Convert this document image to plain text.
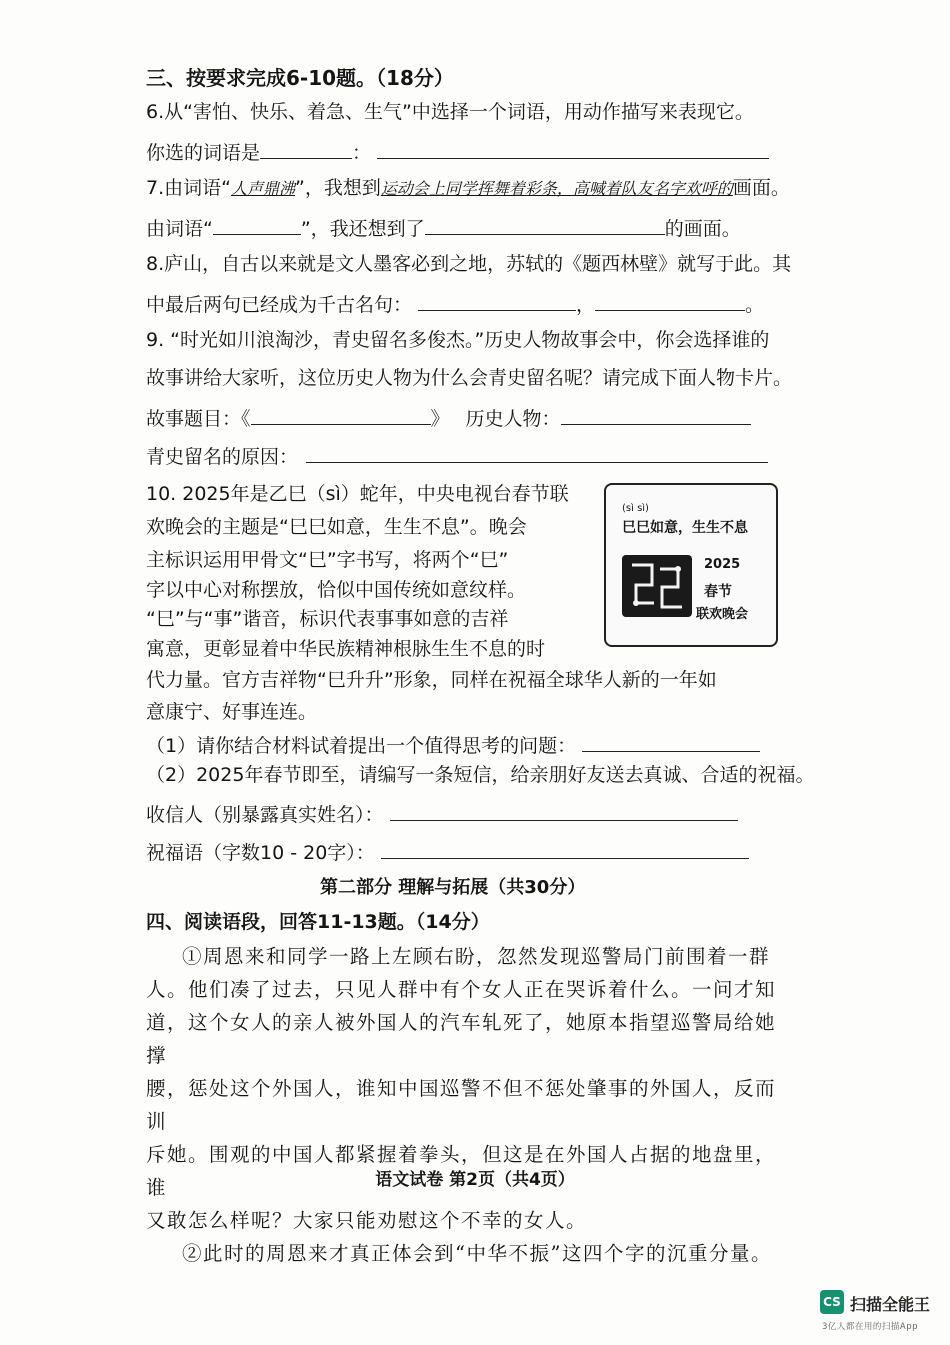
三、按要求完成6-10题。（18分）
6.从“害怕、快乐、着急、生气”中选择一个词语，用动作描写来表现它。
你选的词语是	：
7.由词语“人声鼎沸”，我想到运动会上同学挥舞着彩条，高喊着队友名字欢呼的画面。
由词语“	”，我还想到了	的画面。
8.庐山，自古以来就是文人墨客必到之地，苏轼的《题西林壁》就写于此。其
中最后两句已经成为千古名句：	，	。
9. “时光如川浪淘沙，青史留名多俊杰。”历史人物故事会中，你会选择谁的
故事讲给大家听，这位历史人物为什么会青史留名呢？请完成下面人物卡片。
故事题目：《	》 历史人物：
青史留名的原因：
10. 2025年是乙巳（sì）蛇年，中央电视台春节联
欢晚会的主题是“巳巳如意，生生不息”。晚会
主标识运用甲骨文“巳”字书写，将两个“巳”
字以中心对称摆放，恰似中国传统如意纹样。
“巳”与“事”谐音，标识代表事事如意的吉祥
寓意，更彰显着中华民族精神根脉生生不息的时
代力量。官方吉祥物“巳升升”形象，同样在祝福全球华人新的一年如
意康宁、好事连连。
(sì sì)
巳巳如意，生生不息
2025
春节
联欢晚会
（1）请你结合材料试着提出一个值得思考的问题：
（2）2025年春节即至，请编写一条短信，给亲朋好友送去真诚、合适的祝福。
收信人（别暴露真实姓名）：
祝福语（字数10 - 20字）：
第二部分 理解与拓展（共30分）
四、阅读语段，回答11-13题。（14分）
①周恩来和同学一路上左顾右盼，忽然发现巡警局门前围着一群
人。他们凑了过去，只见人群中有个女人正在哭诉着什么。一问才知
道，这个女人的亲人被外国人的汽车轧死了，她原本指望巡警局给她撑
腰，惩处这个外国人，谁知中国巡警不但不惩处肇事的外国人，反而训
斥她。围观的中国人都紧握着拳头，但这是在外国人占据的地盘里，谁
又敢怎么样呢？大家只能劝慰这个不幸的女人。
②此时的周恩来才真正体会到“中华不振”这四个字的沉重分量。
语文试卷 第2页（共4页）
CS 扫描全能王
3亿人都在用的扫描App
